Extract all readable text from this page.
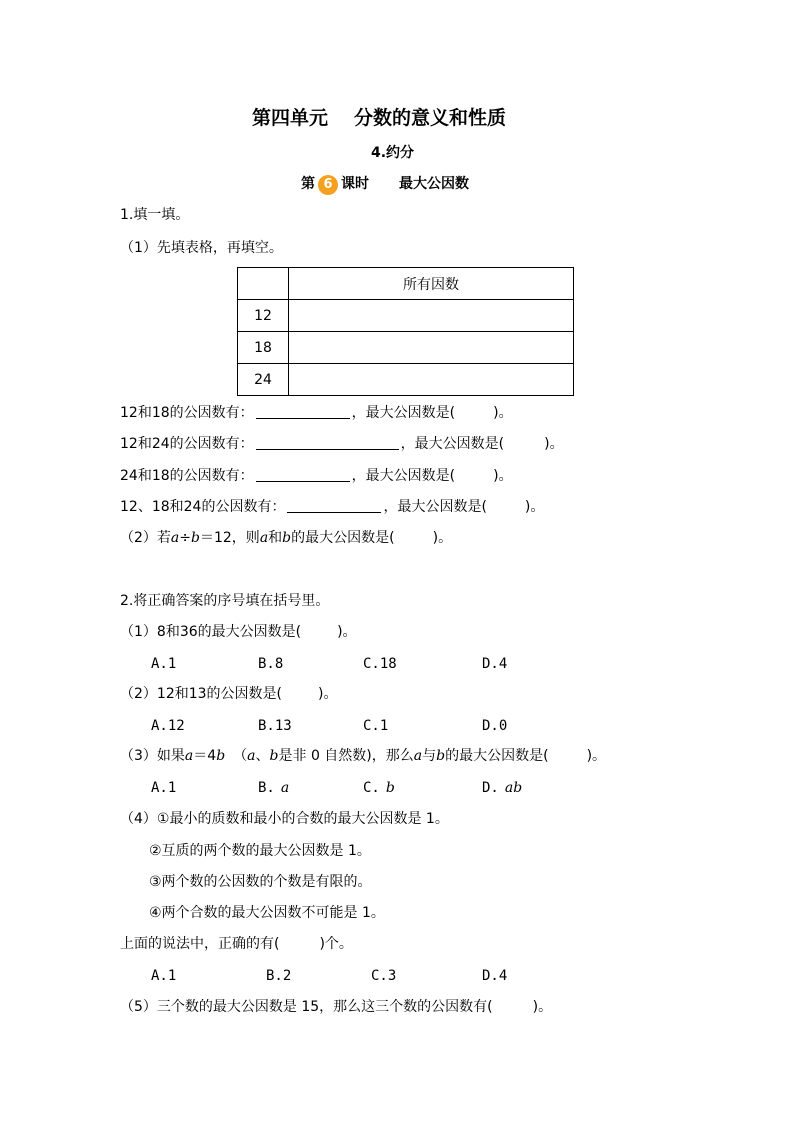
第四单元 分数的意义和性质
4.约分
第 6 课时 最大公因数
1.填一填。
（1）先填表格，再填空。
	所有因数
12	
18	
24	
12和18的公因数有：	，最大公因数是(	)。
12和24的公因数有：	，最大公因数是(	)。
24和18的公因数有：	，最大公因数是(	)。
12、18和24的公因数有：	，最大公因数是(	)。
（2）若a÷b＝12，则a和b的最大公因数是(	)。
2.将正确答案的序号填在括号里。
（1）8和36的最大公因数是(	)。
A.1	B.8	C.18	D.4
（2）12和13的公因数是(	)。
A.12	B.13	C.1	D.0
（3）如果a＝4b （a、b是非 0 自然数)，那么a与b的最大公因数是(	)。
A.1	B. a	C. b	D. ab
（4）①最小的质数和最小的合数的最大公因数是 1。
②互质的两个数的最大公因数是 1。
③两个数的公因数的个数是有限的。
④两个合数的最大公因数不可能是 1。
上面的说法中，正确的有(	)个。
A.1	B.2	C.3	D.4
（5）三个数的最大公因数是 15，那么这三个数的公因数有(	)。
